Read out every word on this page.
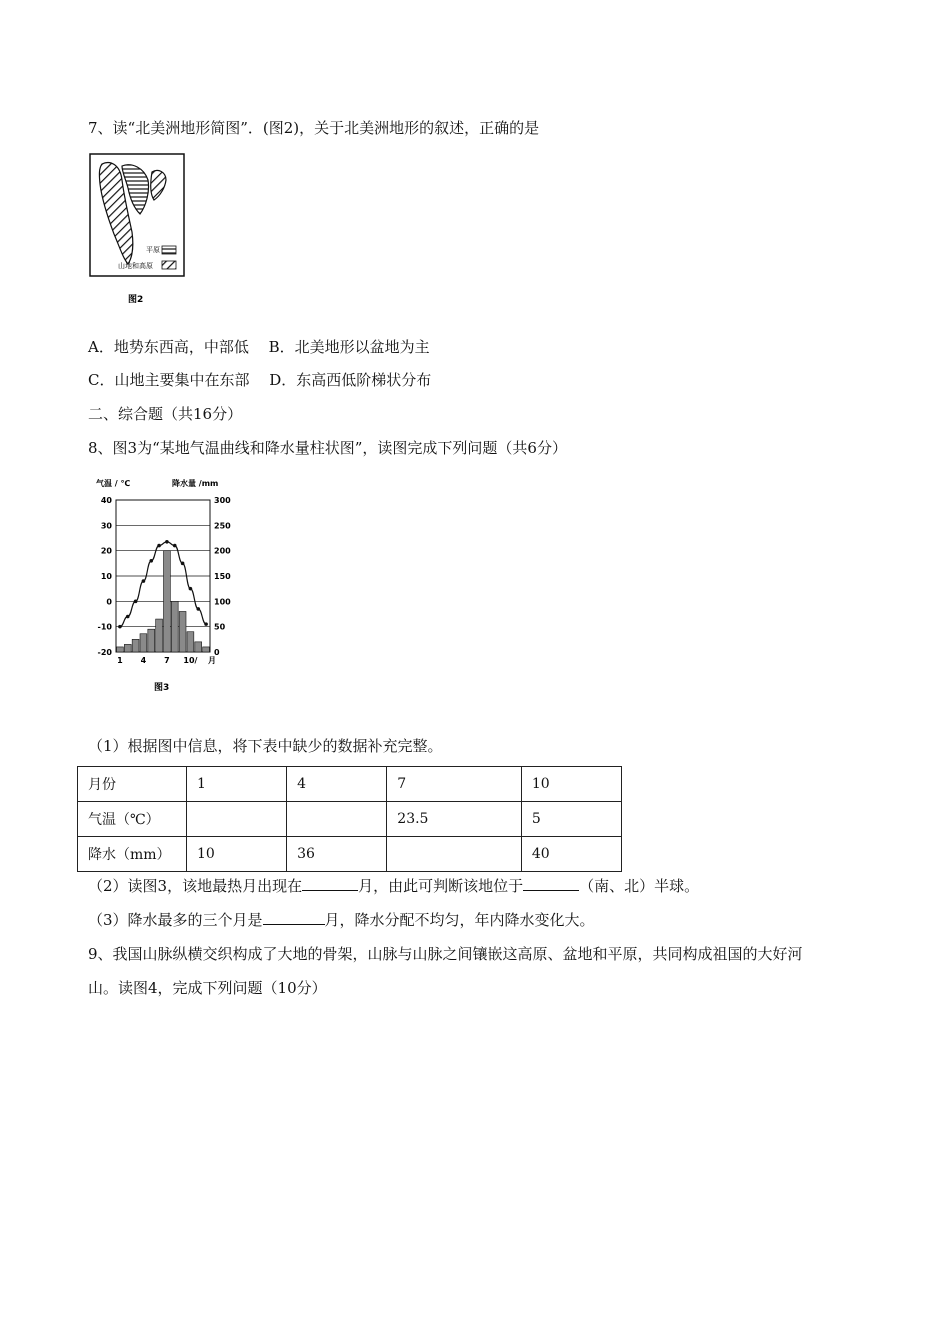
7、读“北美洲地形简图”．(图2)，关于北美洲地形的叙述，正确的是
平原
山地和高原
图2
A．地势东西高，中部低　 B．北美地形以盆地为主
C．山地主要集中在东部　 D．东高西低阶梯状分布
二、综合题（共16分）
8、图3为“某地气温曲线和降水量柱状图”，读图完成下列问题（共6分）
气温 / ℃	降水量 /mm
40
30
20
10
0
-10
-20
300
250
200
150
100
50
0
1 4 7 10/ 月
图3
（1）根据图中信息，将下表中缺少的数据补充完整。
月份	1	4	7	10
气温（℃）			23.5	5
降水（mm）	10	36		40
（2）读图3，该地最热月出现在	月，由此可判断该地位于	（南、北）半球。
（3）降水最多的三个月是	月，降水分配不均匀，年内降水变化大。
9、我国山脉纵横交织构成了大地的骨架，山脉与山脉之间镶嵌这高原、盆地和平原，共同构成祖国的大好河
山。读图4，完成下列问题（10分）
